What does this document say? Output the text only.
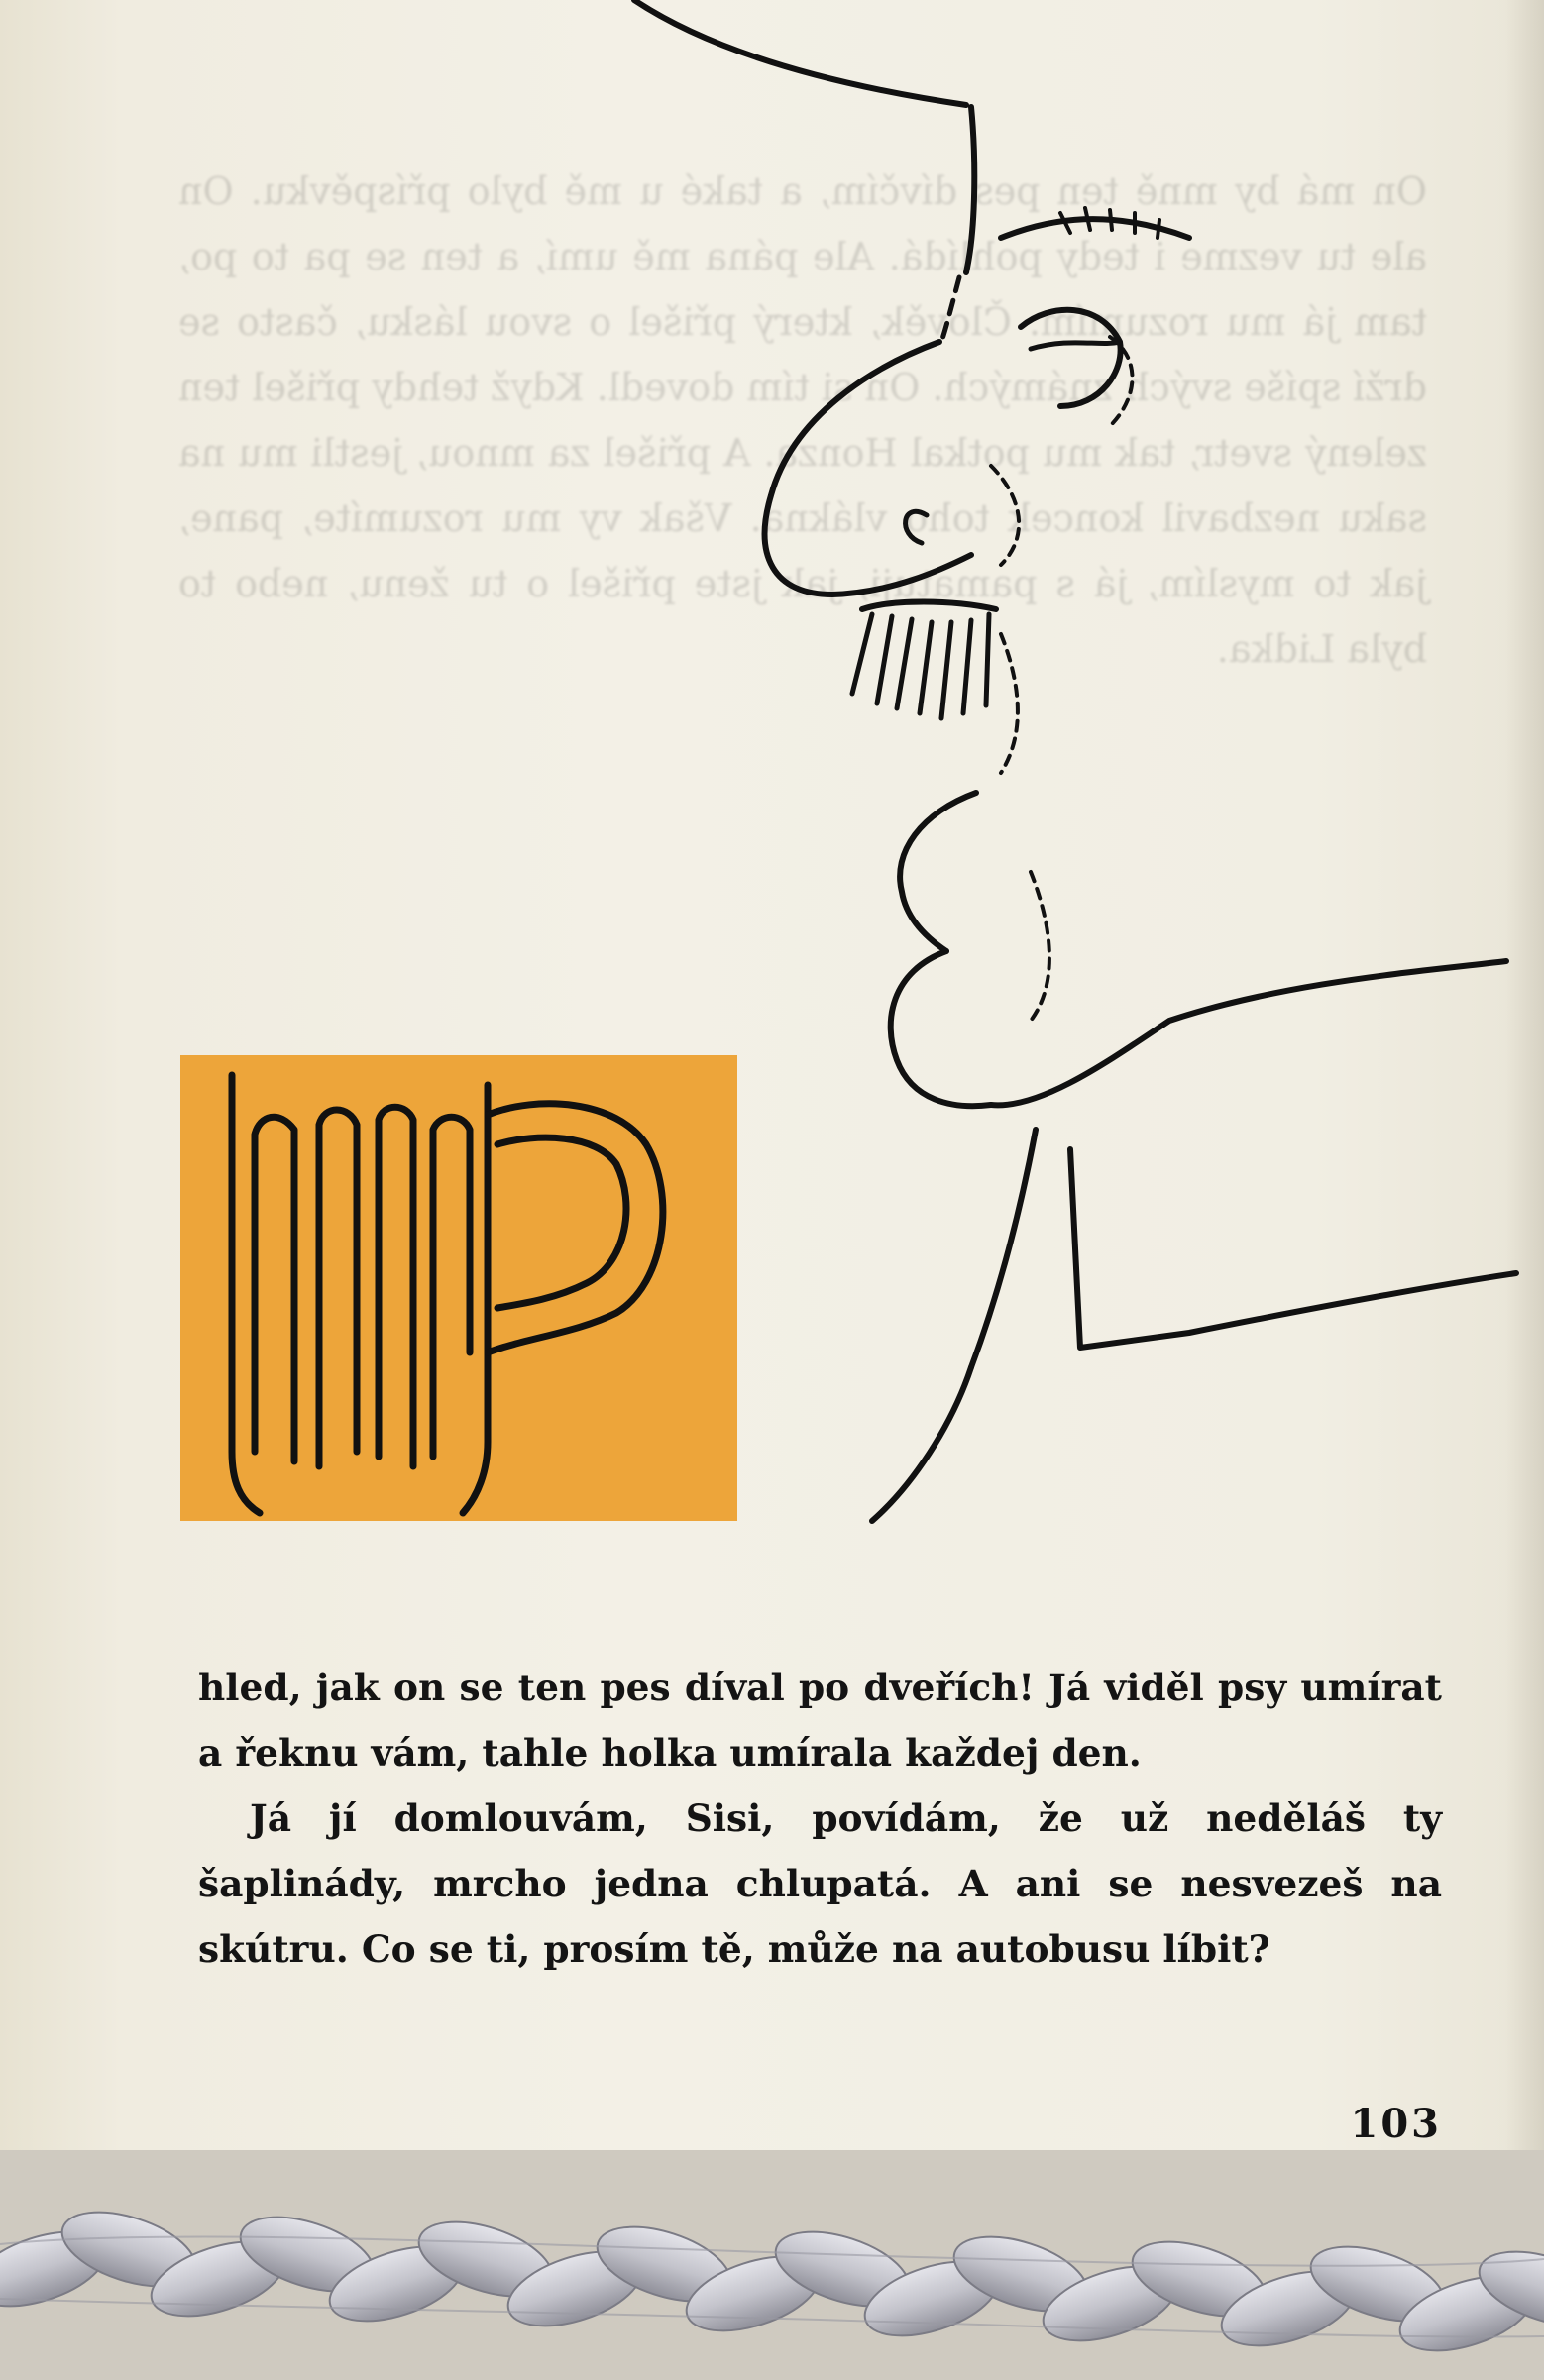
On má by mně ten pes dívčím, a také u mě bylo příspěvku. On ale tu vezme i tedy pohlídá. Ale pána mě umí, a ten se pa to po, tam já mu rozumím. Člověk, který přišel o svou lásku, často se drží spíše svých známých. On si tím dovedl. Když tehdy přišel ten zelený svetr, tak mu potkal Honza. A přišel za mnou, jestli mu na saku nezbavil koncek toho vlákna. Však vy mu rozumíte, pane, jak to myslím, já s pamatuji, jak jste přišel o tu ženu, nebo to byla Lidka.

hled, jak on se ten pes díval po dveřích! Já viděl psy umírat a řeknu vám, tahle holka umírala každej den.

Já jí domlouvám, Sisi, povídám, že už neděláš ty šaplinády, mrcho jedna chlupatá. A ani se nesvezeš na skútru. Co se ti, prosím tě, může na autobusu líbit?

103
